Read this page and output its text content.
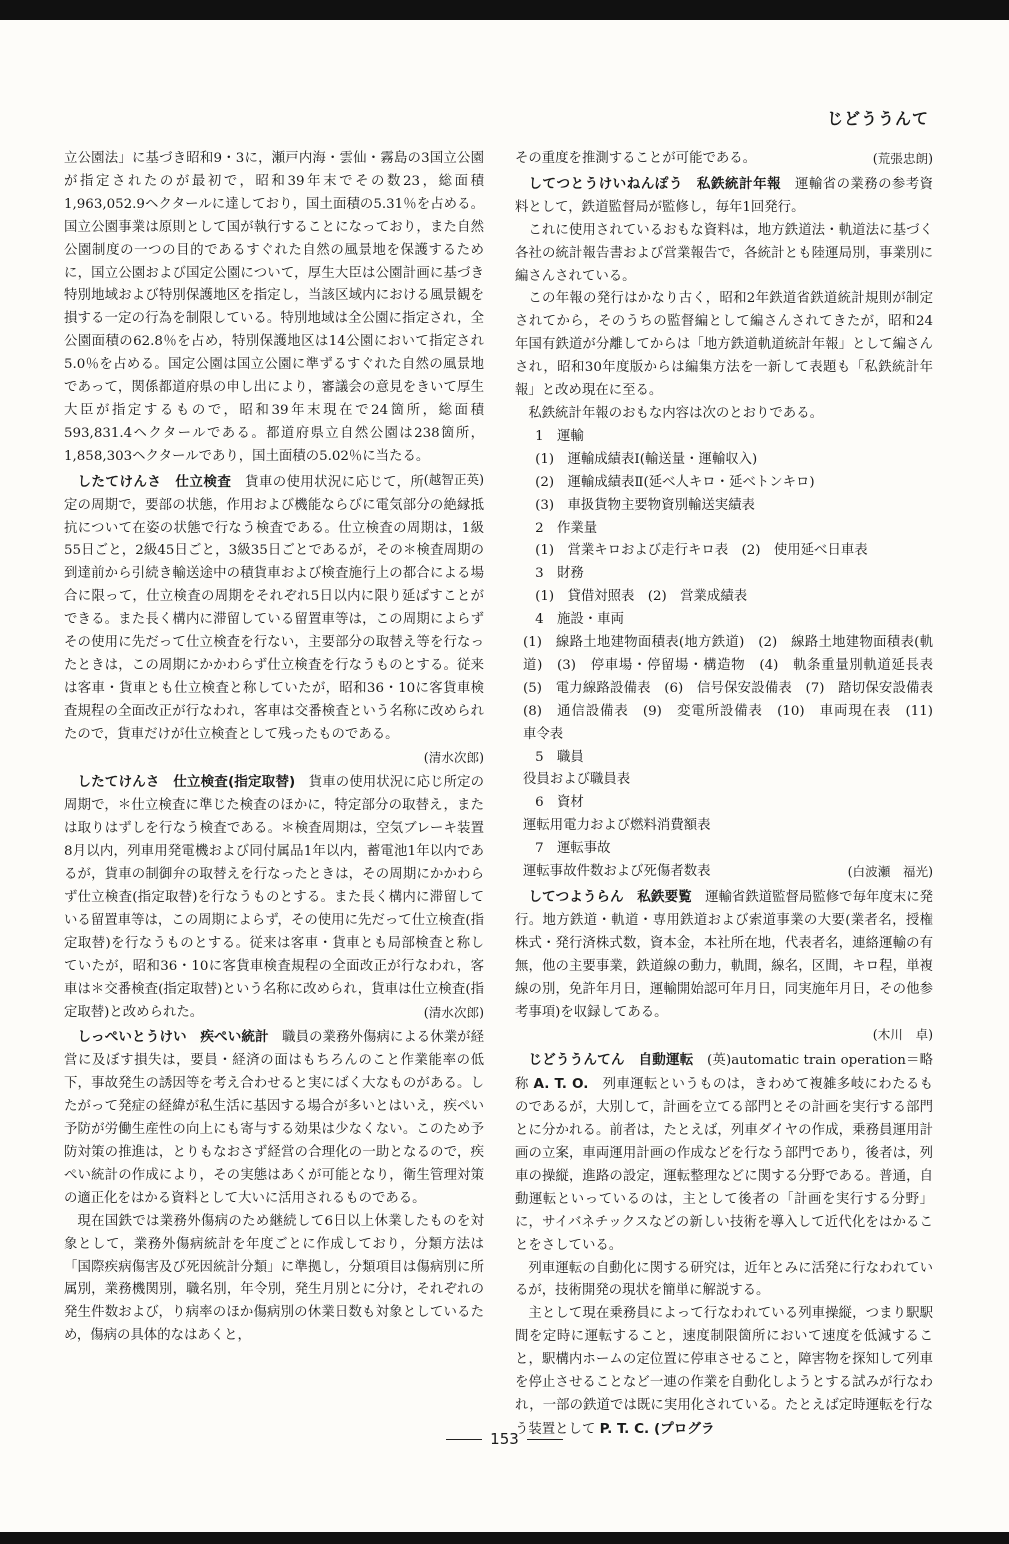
じどううんて

立公園法」に基づき昭和9・3に，瀬戸内海・雲仙・霧島の3国立公園が指定されたのが最初で，昭和39年末でその数23，総面積1,963,052.9ヘクタールに達しており，国土面積の5.31％を占める。国立公園事業は原則として国が執行することになっており，また自然公園制度の一つの目的であるすぐれた自然の風景地を保護するために，国立公園および国定公園について，厚生大臣は公園計画に基づき特別地域および特別保護地区を指定し，当該区域内における風景観を損する一定の行為を制限している。特別地域は全公園に指定され，全公園面積の62.8％を占め，特別保護地区は14公園において指定され5.0％を占める。国定公園は国立公園に準ずるすぐれた自然の風景地であって，関係都道府県の申し出により，審議会の意見をきいて厚生大臣が指定するもので，昭和39年末現在で24箇所，総面積593,831.4ヘクタールである。都道府県立自然公園は238箇所，1,858,303ヘクタールであり，国土面積の5.02％に当たる。
(越智正英)

したてけんさ　仕立検査　 貨車の使用状況に応じて，所定の周期で，要部の状態，作用および機能ならびに電気部分の絶縁抵抗について在姿の状態で行なう検査である。仕立検査の周期は，1級55日ごと，2級45日ごと，3級35日ごとであるが，その＊検査周期の到達前から引続き輸送途中の積貨車および検査施行上の都合による場合に限って，仕立検査の周期をそれぞれ5日以内に限り延ばすことができる。また長く構内に滞留している留置車等は，この周期によらずその使用に先だって仕立検査を行ない，主要部分の取替え等を行なったときは，この周期にかかわらず仕立検査を行なうものとする。従来は客車・貨車とも仕立検査と称していたが，昭和36・10に客貨車検査規程の全面改正が行なわれ，客車は交番検査という名称に改められたので，貨車だけが仕立検査として残ったものである。

(清水次郎)

したてけんさ　仕立検査(指定取替)　 貨車の使用状況に応じ所定の周期で，＊仕立検査に準じた検査のほかに，特定部分の取替え，または取りはずしを行なう検査である。＊検査周期は，空気ブレーキ装置8月以内，列車用発電機および同付属品1年以内，蓄電池1年以内であるが，貨車の制御弁の取替えを行なったときは，その周期にかかわらず仕立検査(指定取替)を行なうものとする。また長く構内に滞留している留置車等は，この周期によらず，その使用に先だって仕立検査(指定取替)を行なうものとする。従来は客車・貨車とも局部検査と称していたが，昭和36・10に客貨車検査規程の全面改正が行なわれ，客車は＊交番検査(指定取替)という名称に改められ，貨車は仕立検査(指定取替)と改められた。	(清水次郎)

しっぺいとうけい　疾ぺい統計　 職員の業務外傷病による休業が経営に及ぼす損失は，要員・経済の面はもちろんのこと作業能率の低下，事故発生の誘因等を考え合わせると実にばく大なものがある。したがって発症の経緯が私生活に基因する場合が多いとはいえ，疾ぺい予防が労働生産性の向上にも寄与する効果は少なくない。このため予防対策の推進は，とりもなおさず経営の合理化の一助となるので，疾ぺい統計の作成により，その実態はあくが可能となり，衛生管理対策の適正化をはかる資料として大いに活用されるものである。

現在国鉄では業務外傷病のため継続して6日以上休業したものを対象として，業務外傷病統計を年度ごとに作成しており，分類方法は「国際疾病傷害及び死因統計分類」に準拠し，分類項目は傷病別に所属別，業務機関別，職名別，年令別，発生月別とに分け，それぞれの発生件数および，り病率のほか傷病別の休業日数も対象としているため，傷病の具体的なはあくと，

その重度を推測することが可能である。	(荒張忠朗)

してつとうけいねんぽう　私鉄統計年報　 運輸省の業務の参考資料として，鉄道監督局が監修し，毎年1回発行。

これに使用されているおもな資料は，地方鉄道法・軌道法に基づく各社の統計報告書および営業報告で，各統計とも陸運局別，事業別に編さんされている。

この年報の発行はかなり古く，昭和2年鉄道省鉄道統計規則が制定されてから，そのうちの監督編として編さんされてきたが，昭和24年国有鉄道が分離してからは「地方鉄道軌道統計年報」として編さんされ，昭和30年度版からは編集方法を一新して表題も「私鉄統計年報」と改め現在に至る。

私鉄統計年報のおもな内容は次のとおりである。

1　運輸

(1)　運輸成績表Ⅰ(輸送量・運輸収入)

(2)　運輸成績表Ⅱ(延べ人キロ・延べトンキロ)

(3)　車扱貨物主要物資別輸送実績表

2　作業量

(1)　営業キロおよび走行キロ表　(2)　使用延べ日車表

3　財務

(1)　貸借対照表　(2)　営業成績表

4　施設・車両

(1)　線路土地建物面積表(地方鉄道)　(2)　線路土地建物面積表(軌道)　(3)　停車場・停留場・構造物　(4)　軌条重量別軌道延長表　(5)　電力線路設備表　(6)　信号保安設備表　(7)　踏切保安設備表　(8)　通信設備表　(9)　変電所設備表　(10)　車両現在表　(11)　車令表

5　職員

役員および職員表

6　資材

運転用電力および燃料消費額表

7　運転事故

運転事故件数および死傷者数表	(白波瀬　福光)

してつようらん　私鉄要覧　 運輸省鉄道監督局監修で毎年度末に発行。地方鉄道・軌道・専用鉄道および索道事業の大要(業者名，授権株式・発行済株式数，資本金，本社所在地，代表者名，連絡運輸の有無，他の主要事業，鉄道線の動力，軌間，線名，区間，キロ程，単複線の別，免許年月日，運輸開始認可年月日，同実施年月日，その他参考事項)を収録してある。

(木川　卓)

じどううんてん　自動運転　 (英)automatic train operation＝略称 A. T. O.　 列車運転というものは，きわめて複雑多岐にわたるものであるが，大別して，計画を立てる部門とその計画を実行する部門とに分かれる。前者は，たとえば，列車ダイヤの作成，乗務員運用計画の立案，車両運用計画の作成などを行なう部門であり，後者は，列車の操縦，進路の設定，運転整理などに関する分野である。普通，自動運転といっているのは，主として後者の「計画を実行する分野」に，サイバネチックスなどの新しい技術を導入して近代化をはかることをさしている。

列車運転の自動化に関する研究は，近年とみに活発に行なわれているが，技術開発の現状を簡単に解説する。

主として現在乗務員によって行なわれている列車操縦，つまり駅駅間を定時に運転すること，速度制限箇所において速度を低減すること，駅構内ホームの定位置に停車させること，障害物を探知して列車を停止させることなど一連の作業を自動化しようとする試みが行なわれ，一部の鉄道では既に実用化されている。たとえば定時運転を行なう装置として P. T. C. (プログラ

153
